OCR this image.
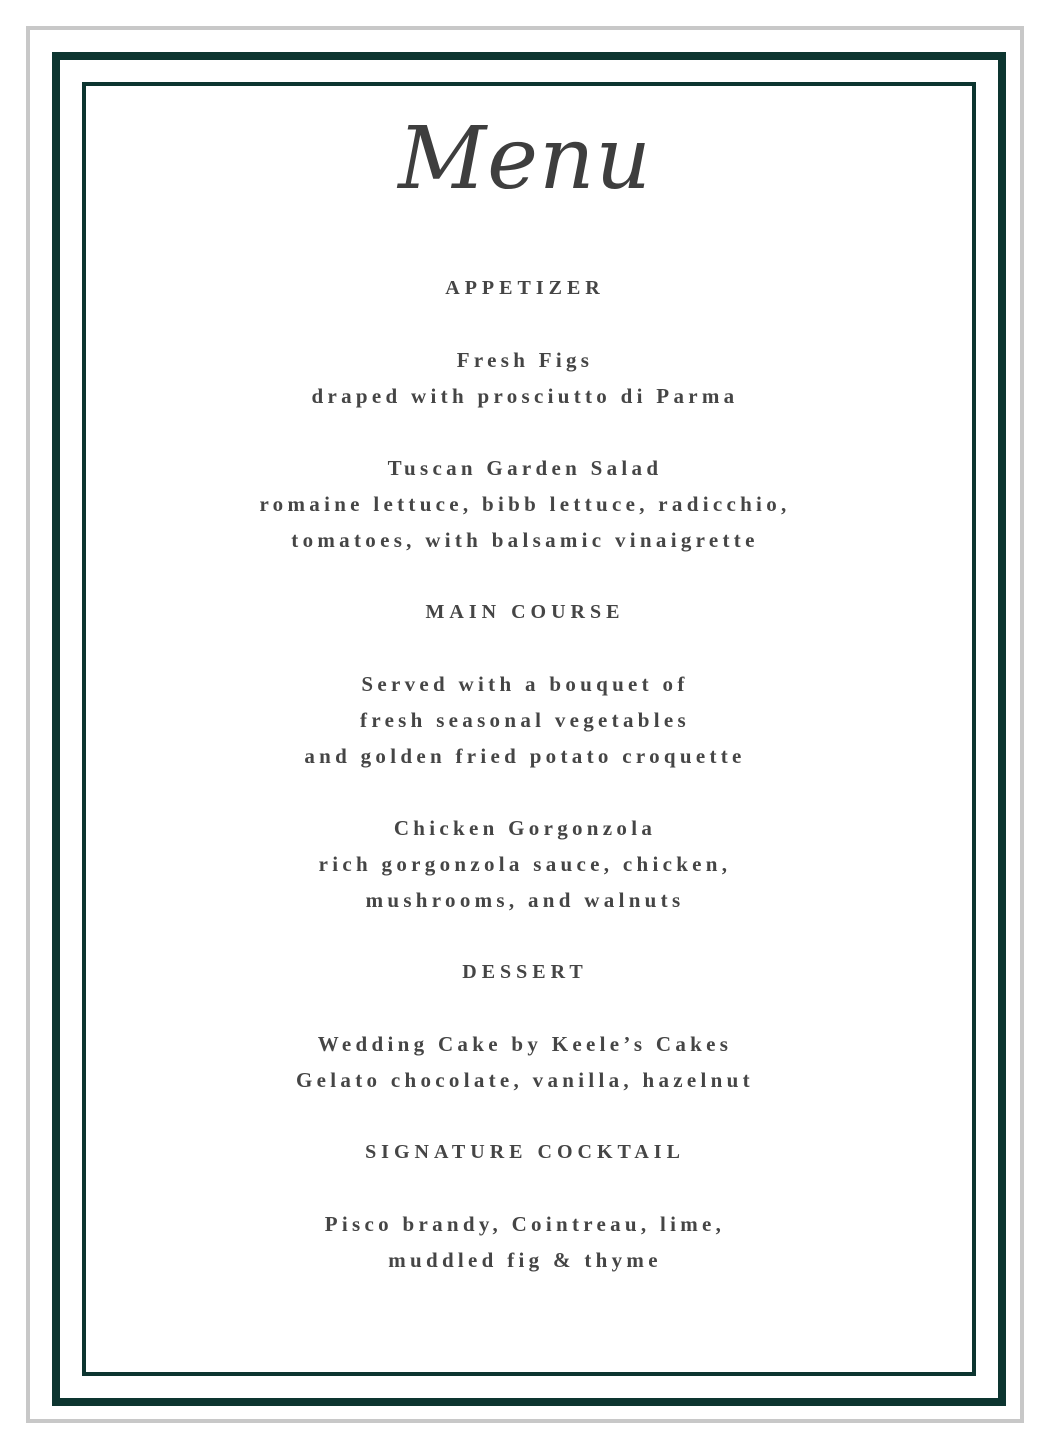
Menu
APPETIZER
Fresh Figs
draped with prosciutto di Parma
Tuscan Garden Salad
romaine lettuce, bibb lettuce, radicchio,
tomatoes, with balsamic vinaigrette
MAIN COURSE
Served with a bouquet of
fresh seasonal vegetables
and golden fried potato croquette
Chicken Gorgonzola
rich gorgonzola sauce, chicken,
mushrooms, and walnuts
DESSERT
Wedding Cake by Keele’s Cakes
Gelato chocolate, vanilla, hazelnut
SIGNATURE COCKTAIL
Pisco brandy, Cointreau, lime,
muddled fig & thyme
